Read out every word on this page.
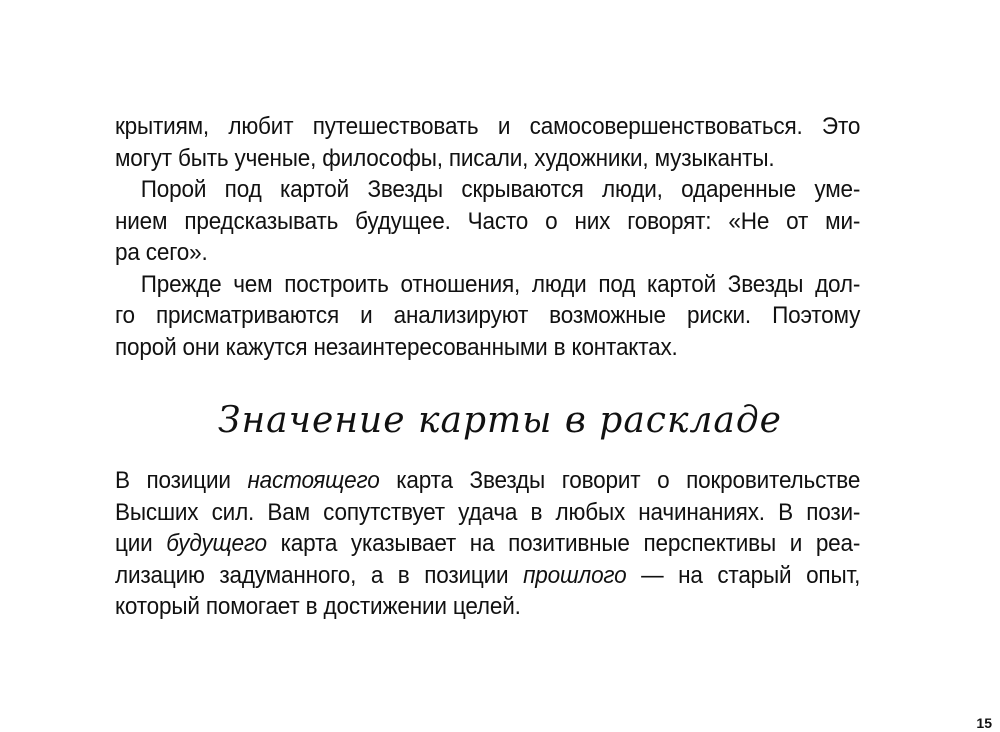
крытиям, любит путешествовать и самосовершенствоваться. Это
могут быть ученые, философы, писали, художники, музыканты.
Порой под картой Звезды скрываются люди, одаренные уме-
нием предсказывать будущее. Часто о них говорят: «Не от ми-
ра сего».
Прежде чем построить отношения, люди под картой Звезды дол-
го присматриваются и анализируют возможные риски. Поэтому
порой они кажутся незаинтересованными в контактах.
Значение карты в раскладе
В позиции настоящего карта Звезды говорит о покровительстве
Высших сил. Вам сопутствует удача в любых начинаниях. В пози-
ции будущего карта указывает на позитивные перспективы и реа-
лизацию задуманного, а в позиции прошлого — на старый опыт,
который помогает в достижении целей.
15
